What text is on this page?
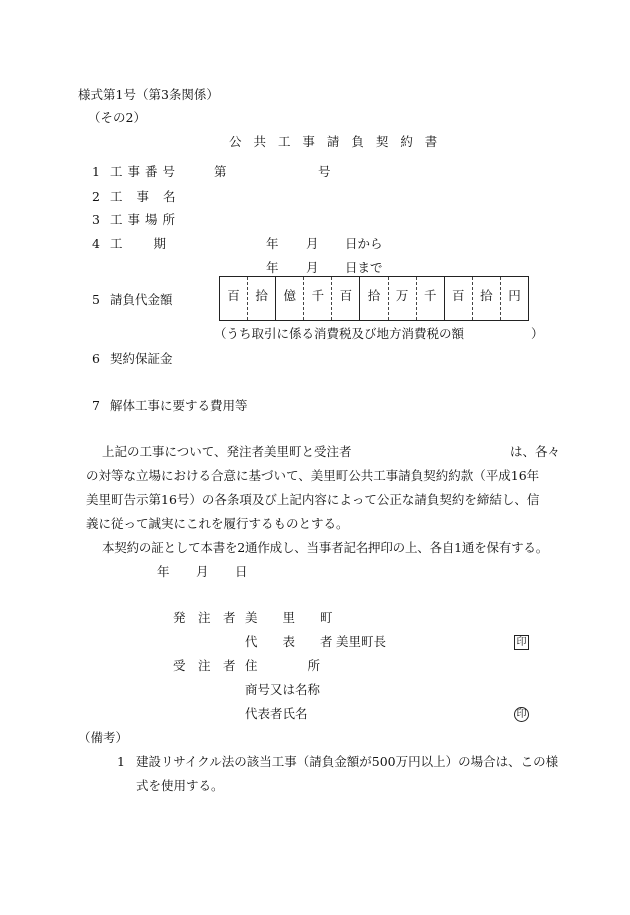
様式第1号（第3条関係）
（その2）
公 共 工 事 請 負 契 約 書
1 工事番号	第	号
2 工 事 名
3 工事場所
4 工　　期	年 月 日から
年 月 日まで
5 請負代金額	百	拾	億	千	百	拾	万	千	百	拾	円
（うち取引に係る消費税及び地方消費税の額	）
6 契約保証金
7 解体工事に要する費用等
上記の工事について、発注者美里町と受注者	は、各々
の対等な立場における合意に基づいて、美里町公共工事請負契約約款（平成16年
美里町告示第16号）の各条項及び上記内容によって公正な請負契約を締結し、信
義に従って誠実にこれを履行するものとする。
本契約の証として本書を2通作成し、当事者記名押印の上、各自1通を保有する。
年 月 日
発　注　者 美　　里　　町
代　　表　　者 美里町長	印
受　注　者 住　　　　所
商号又は名称
代表者氏名	印
（備考）
1 建設リサイクル法の該当工事（請負金額が500万円以上）の場合は、この様
式を使用する。
